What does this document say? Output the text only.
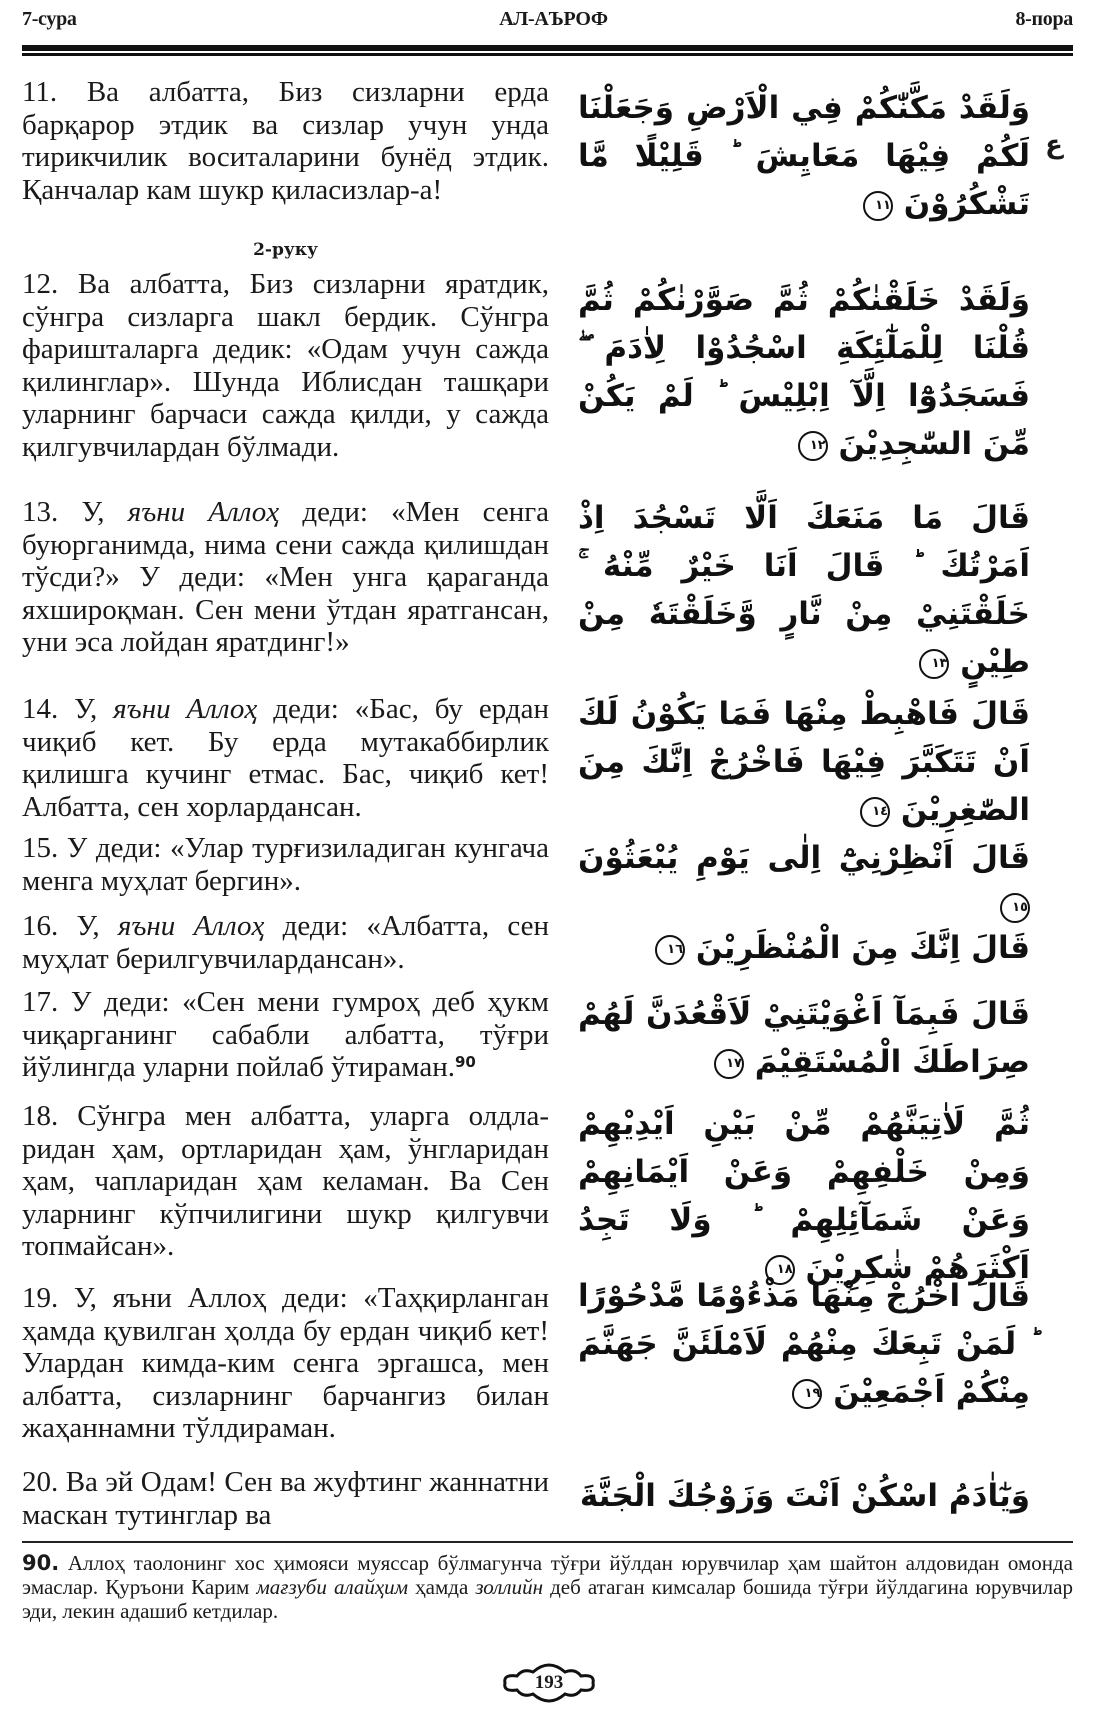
7-сура	АЛ-АЪРОФ	8-пора
11. Ва албатта, Биз сизларни ерда барқарор этдик ва сизлар учун унда тирикчилик воситаларини бунёд этдик. Қанчалар кам шукр қиласизлар-а!
2-руку
12. Ва албатта, Биз сизларни яратдик, сўнгра сизларга шакл бердик. Сўнгра фаришталарга дедик: «Одам учун сажда қилинглар». Шунда Иблисдан ташқари уларнинг барчаси сажда қилди, у сажда қилгувчилардан бўлмади.
13. У, яъни Аллоҳ деди: «Мен сенга буюрганимда, нима сени сажда қилишдан тўсди?» У деди: «Мен унга қараганда яхшироқман. Сен мени ўтдан яратгансан, уни эса лойдан яратдинг!»
14. У, яъни Аллоҳ деди: «Бас, бу ердан чиқиб кет. Бу ерда мутакаббирлик қилишга кучинг етмас. Бас, чиқиб кет! Албатта, сен хорлардансан.
15. У деди: «Улар турғизиладиган кунгача менга муҳлат бергин».
16. У, яъни Аллоҳ деди: «Албатта, сен муҳлат берилгувчилардансан».
17. У деди: «Сен мени гумроҳ деб ҳукм чиқарганинг сабабли албатта, тўғри йўлингда уларни пойлаб ўтираман.$^{90}$
18. Сўнгра мен албатта, уларга олдларидан ҳам, ортларидан ҳам, ўнгларидан ҳам, чапларидан ҳам келаман. Ва Сен уларнинг кўпчилигини шукр қилгувчи топмайсан».
19. У, яъни Аллоҳ деди: «Таҳқирланган ҳамда қувилган ҳолда бу ердан чиқиб кет! Улардан кимда-ким сенга эргашса, мен албатта, сизларнинг барчангиз билан жаҳаннамни тўлдираман.
20. Ва эй Одам! Сен ва жуфтинг жаннатни маскан тутинглар ва
وَلَقَدْ مَكَّنّٰكُمْ فِي الْاَرْضِ وَجَعَلْنَا لَكُمْ فِيْهَا مَعَايِشَ ؕ قَلِيْلًا مَّا تَشْكُرُوْنَ ١١
ع
وَلَقَدْ خَلَقْنٰكُمْ ثُمَّ صَوَّرْنٰكُمْ ثُمَّ قُلْنَا لِلْمَلٰٓئِكَةِ اسْجُدُوْا لِاٰدَمَ ۖ فَسَجَدُوْٓا اِلَّآ اِبْلِيْسَ ؕ لَمْ يَكُنْ مِّنَ السّٰجِدِيْنَ ١٢
قَالَ مَا مَنَعَكَ اَلَّا تَسْجُدَ اِذْ اَمَرْتُكَ ؕ قَالَ اَنَا خَيْرٌ مِّنْهُ ۚ خَلَقْتَنِيْ مِنْ نَّارٍ وَّخَلَقْتَهٗ مِنْ طِيْنٍ ١٣
قَالَ فَاهْبِطْ مِنْهَا فَمَا يَكُوْنُ لَكَ اَنْ تَتَكَبَّرَ فِيْهَا فَاخْرُجْ اِنَّكَ مِنَ الصّٰغِرِيْنَ ١٤
قَالَ اَنْظِرْنِيْٓ اِلٰى يَوْمِ يُبْعَثُوْنَ ١٥
قَالَ اِنَّكَ مِنَ الْمُنْظَرِيْنَ ١٦
قَالَ فَبِمَآ اَغْوَيْتَنِيْ لَاَقْعُدَنَّ لَهُمْ صِرَاطَكَ الْمُسْتَقِيْمَ ١٧
ثُمَّ لَاٰتِيَنَّهُمْ مِّنْ بَيْنِ اَيْدِيْهِمْ وَمِنْ خَلْفِهِمْ وَعَنْ اَيْمَانِهِمْ وَعَنْ شَمَآئِلِهِمْ ؕ وَلَا تَجِدُ اَكْثَرَهُمْ شٰكِرِيْنَ ١٨
قَالَ اخْرُجْ مِنْهَا مَذْءُوْمًا مَّدْحُوْرًا ؕ لَمَنْ تَبِعَكَ مِنْهُمْ لَاَمْلَئَنَّ جَهَنَّمَ مِنْكُمْ اَجْمَعِيْنَ ١٩
وَيٰٓاٰدَمُ اسْكُنْ اَنْتَ وَزَوْجُكَ الْجَنَّةَ
90. Аллоҳ таолонинг хос ҳимояси муяссар бўлмагунча тўғри йўлдан юрувчилар ҳам шайтон алдовидан омонда эмаслар. Қуръони Карим мағзуби алайҳим ҳамда золлийн деб атаган кимсалар бошида тўғри йўлдагина юрувчилар эди, лекин адашиб кетдилар.
193
